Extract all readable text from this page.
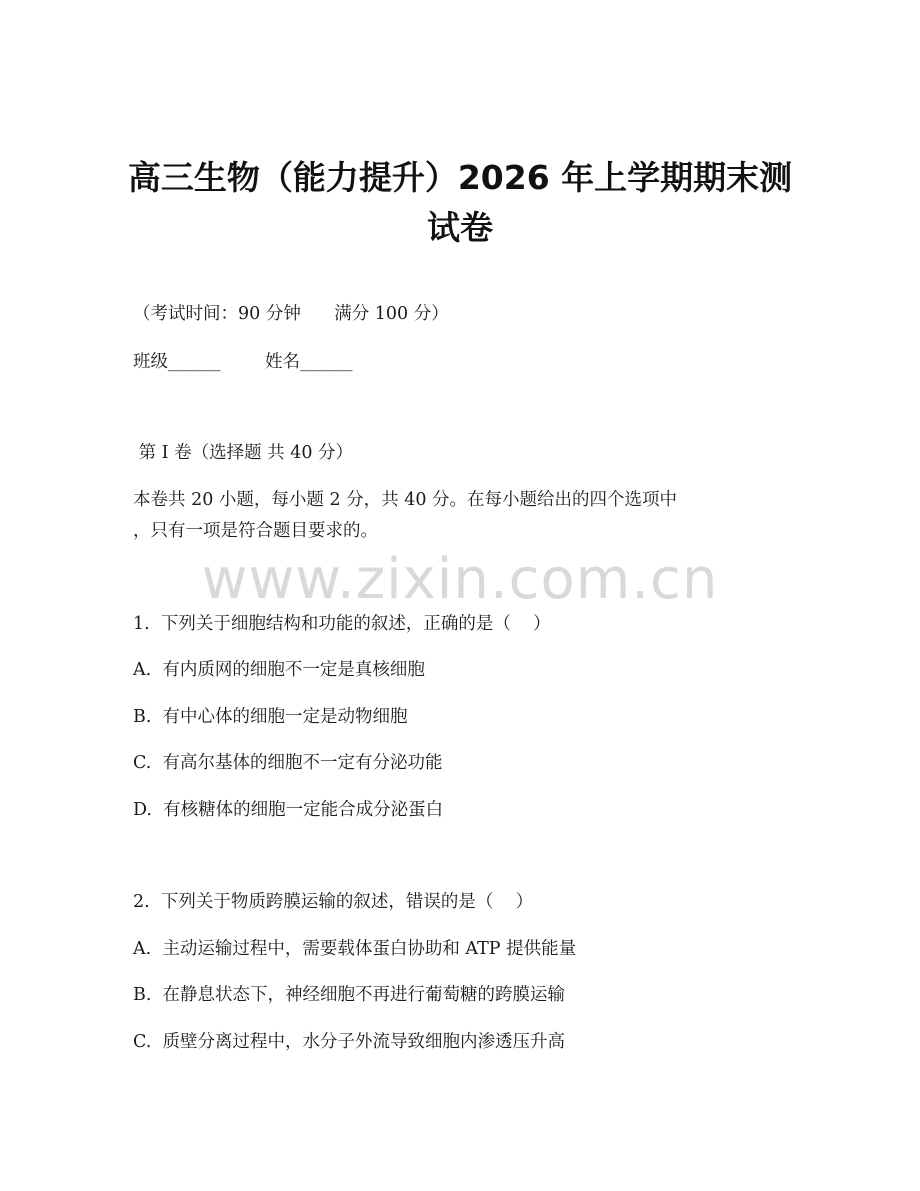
高三生物（能力提升）2026 年上学期期末测
试卷
（考试时间：90 分钟      满分 100 分）
班级______        姓名______
第 I 卷（选择题 共 40 分）
本卷共 20 小题，每小题 2 分，共 40 分。在每小题给出的四个选项中
，只有一项是符合题目要求的。
www.zixin.com.cn
1.  下列关于细胞结构和功能的叙述，正确的是（    ）
A.  有内质网的细胞不一定是真核细胞
B.  有中心体的细胞一定是动物细胞
C.  有高尔基体的细胞不一定有分泌功能
D.  有核糖体的细胞一定能合成分泌蛋白
2.  下列关于物质跨膜运输的叙述，错误的是（    ）
A.  主动运输过程中，需要载体蛋白协助和 ATP 提供能量
B.  在静息状态下，神经细胞不再进行葡萄糖的跨膜运输
C.  质壁分离过程中，水分子外流导致细胞内渗透压升高
